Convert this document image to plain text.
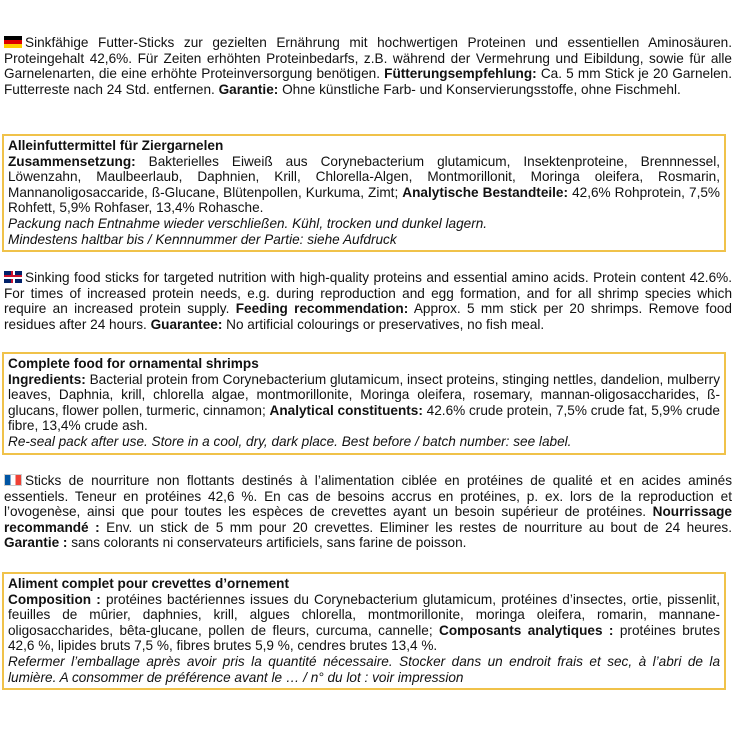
Sinkfähige Futter-Sticks zur gezielten Ernährung mit hochwertigen Proteinen und essentiellen Aminosäuren. Proteingehalt 42,6%. Für Zeiten erhöhten Proteinbedarfs, z.B. während der Vermehrung und Eibildung, sowie für alle Garnelenarten, die eine erhöhte Proteinversorgung benötigen. Fütterungsempfehlung: Ca. 5 mm Stick je 20 Garnelen. Futterreste nach 24 Std. entfernen. Garantie: Ohne künstliche Farb- und Konservierungsstoffe, ohne Fischmehl.
Alleinfuttermittel für Ziergarnelen
Zusammensetzung: Bakterielles Eiweiß aus Corynebacterium glutamicum, Insektenproteine, Brennnessel, Löwenzahn, Maulbeerlaub, Daphnien, Krill, Chlorella-Algen, Montmorillonit, Moringa oleifera, Rosmarin, Mannanoligosaccaride, ß-Glucane, Blütenpollen, Kurkuma, Zimt; Analytische Bestandteile: 42,6% Rohprotein, 7,5% Rohfett, 5,9% Rohfaser, 13,4% Rohasche.
Packung nach Entnahme wieder verschließen. Kühl, trocken und dunkel lagern.
Mindestens haltbar bis / Kennnummer der Partie: siehe Aufdruck
Sinking food sticks for targeted nutrition with high-quality proteins and essential amino acids. Protein content 42.6%. For times of increased protein needs, e.g. during reproduction and egg formation, and for all shrimp species which require an increased protein supply. Feeding recommendation: Approx. 5 mm stick per 20 shrimps. Remove food residues after 24 hours. Guarantee: No artificial colourings or preservatives, no fish meal.
Complete food for ornamental shrimps
Ingredients: Bacterial protein from Corynebacterium glutamicum, insect proteins, stinging nettles, dandelion, mulberry leaves, Daphnia, krill, chlorella algae, montmorillonite, Moringa oleifera, rosemary, mannan-oligosaccharides, ß-glucans, flower pollen, turmeric, cinnamon; Analytical constituents: 42.6% crude protein, 7,5% crude fat, 5,9% crude fibre, 13,4% crude ash.
Re-seal pack after use. Store in a cool, dry, dark place. Best before / batch number: see label.
Sticks de nourriture non flottants destinés à l’alimentation ciblée en protéines de qualité et en acides aminés essentiels. Teneur en protéines 42,6 %. En cas de besoins accrus en protéines, p. ex. lors de la reproduction et l’ovogenèse, ainsi que pour toutes les espèces de crevettes ayant un besoin supérieur de protéines. Nourrissage recommandé : Env. un stick de 5 mm pour 20 crevettes. Eliminer les restes de nourriture au bout de 24 heures. Garantie : sans colorants ni conservateurs artificiels, sans farine de poisson.
Aliment complet pour crevettes d’ornement
Composition : protéines bactériennes issues du Corynebacterium glutamicum, protéines d’insectes, ortie, pissenlit, feuilles de mûrier, daphnies, krill, algues chlorella, montmorillonite, moringa oleifera, romarin, mannane-oligosaccharides, bêta-glucane, pollen de fleurs, curcuma, cannelle; Composants analytiques : protéines brutes 42,6 %, lipides bruts 7,5 %, fibres brutes 5,9 %, cendres brutes 13,4 %.
Refermer l’emballage après avoir pris la quantité nécessaire. Stocker dans un endroit frais et sec, à l’abri de la lumière. A consommer de préférence avant le … / n° du lot : voir impression
